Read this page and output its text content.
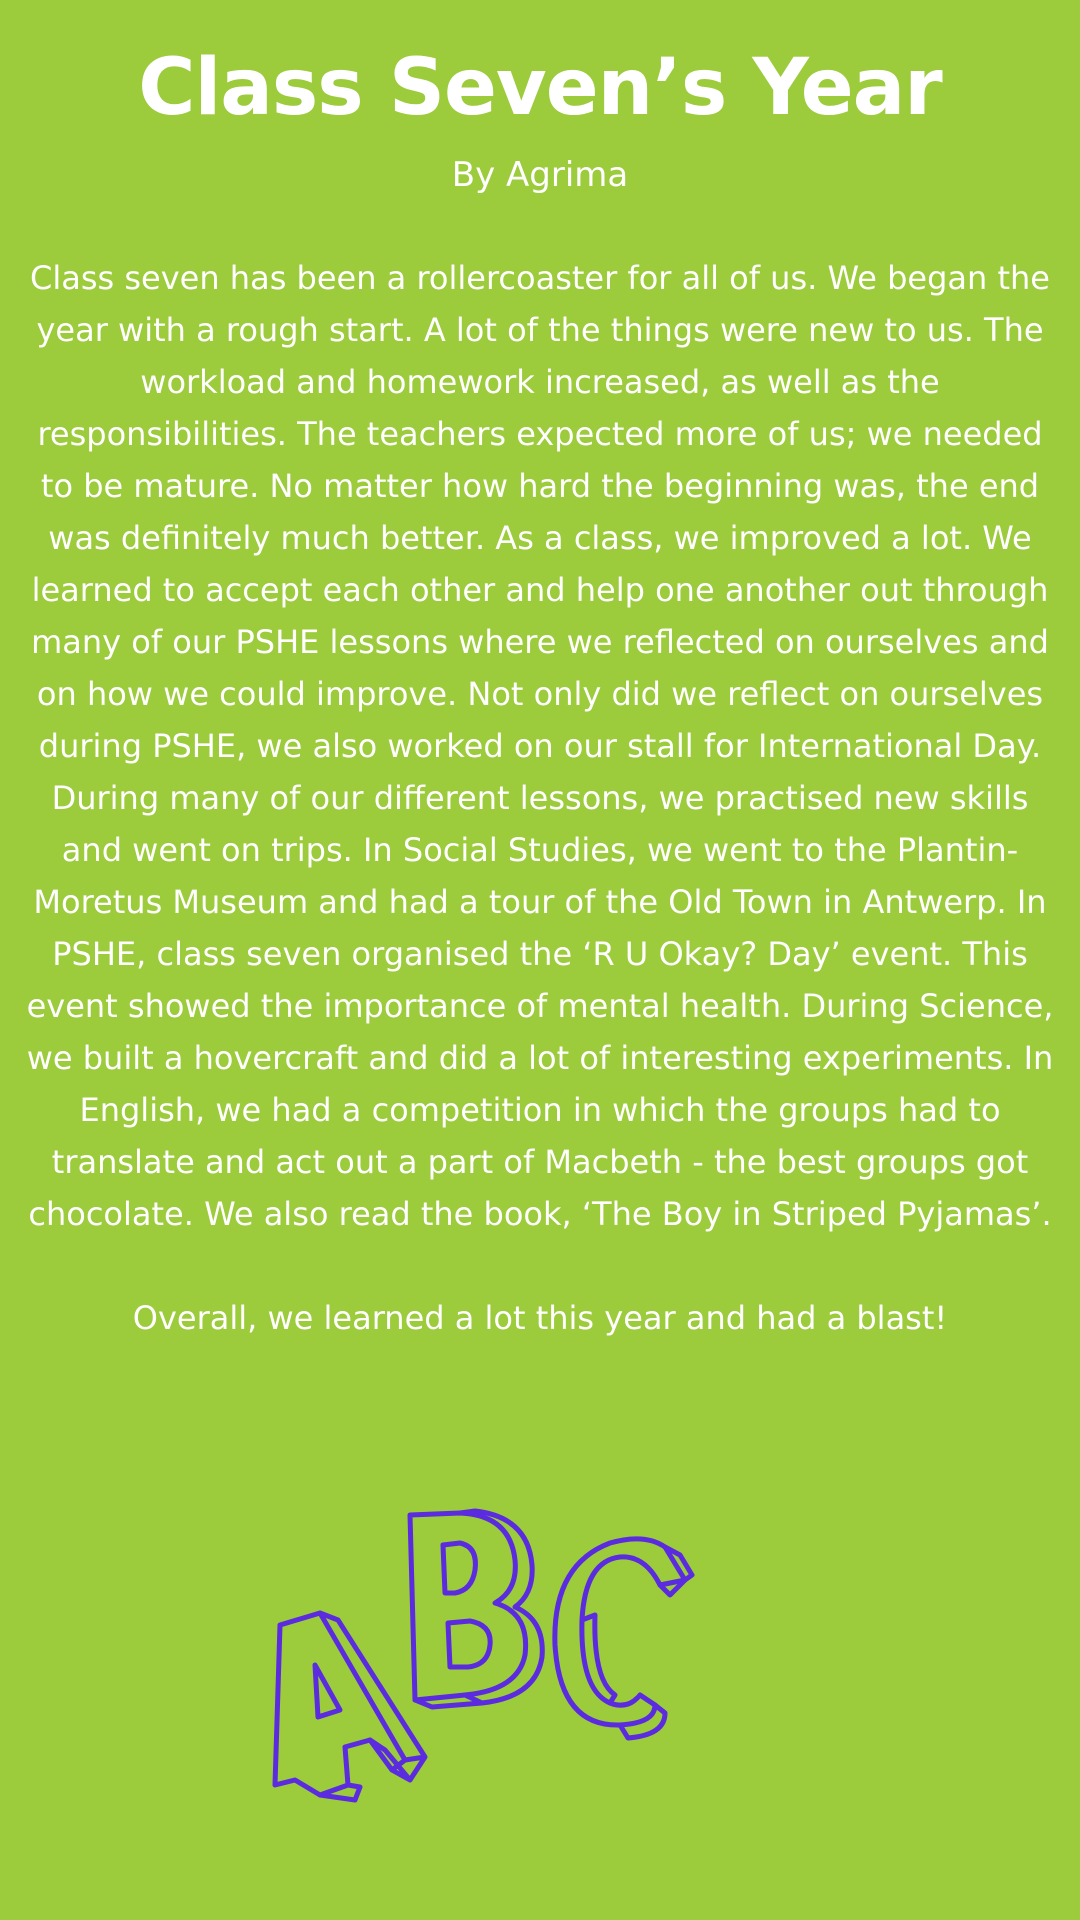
Class Seven’s Year
By Agrima

Class seven has been a rollercoaster for all of us. We began the year with a rough start. A lot of the things were new to us. The workload and homework increased, as well as the responsibilities. The teachers expected more of us; we needed to be mature. No matter how hard the beginning was, the end was definitely much better. As a class, we improved a lot. We learned to accept each other and help one another out through many of our PSHE lessons where we reflected on ourselves and on how we could improve. Not only did we reflect on ourselves during PSHE, we also worked on our stall for International Day.

During many of our different lessons, we practised new skills and went on trips. In Social Studies, we went to the Plantin-Moretus Museum and had a tour of the Old Town in Antwerp. In PSHE, class seven organised the ‘R U Okay? Day’ event. This event showed the importance of mental health. During Science, we built a hovercraft and did a lot of interesting experiments. In English, we had a competition in which the groups had to translate and act out a part of Macbeth - the best groups got chocolate. We also read the book, ‘The Boy in Striped Pyjamas’.

Overall, we learned a lot this year and had a blast!
